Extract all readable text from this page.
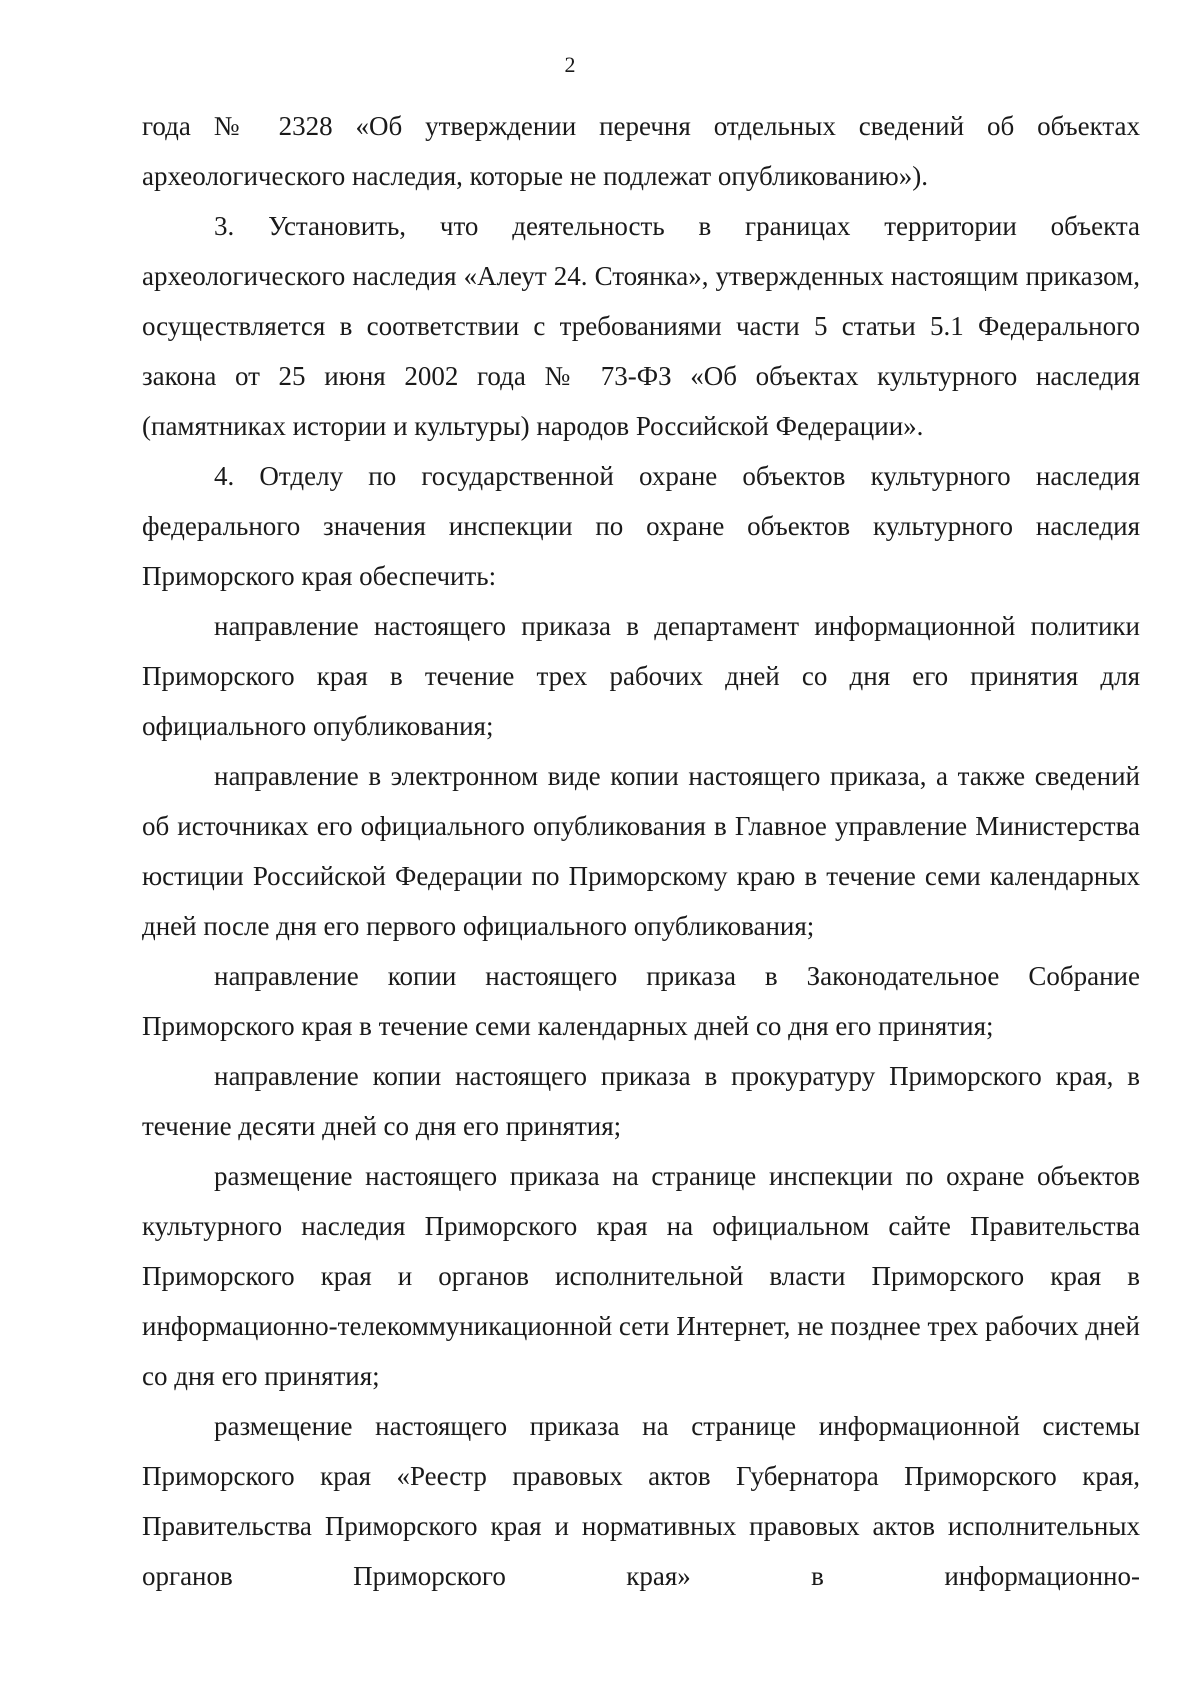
2

года № 2328 «Об утверждении перечня отдельных сведений об объектах археологического наследия, которые не подлежат опубликованию»).

3. Установить, что деятельность в границах территории объекта археологического наследия «Алеут 24. Стоянка», утвержденных настоящим приказом, осуществляется в соответствии с требованиями части 5 статьи 5.1 Федерального закона от 25 июня 2002 года № 73-ФЗ «Об объектах культурного наследия (памятниках истории и культуры) народов Российской Федерации».

4. Отделу по государственной охране объектов культурного наследия федерального значения инспекции по охране объектов культурного наследия Приморского края обеспечить:

направление настоящего приказа в департамент информационной политики Приморского края в течение трех рабочих дней со дня его принятия для официального опубликования;

направление в электронном виде копии настоящего приказа, а также сведений об источниках его официального опубликования в Главное управление Министерства юстиции Российской Федерации по Приморскому краю в течение семи календарных дней после дня его первого официального опубликования;

направление копии настоящего приказа в Законодательное Собрание Приморского края в течение семи календарных дней со дня его принятия;

направление копии настоящего приказа в прокуратуру Приморского края, в течение десяти дней со дня его принятия;

размещение настоящего приказа на странице инспекции по охране объектов культурного наследия Приморского края на официальном сайте Правительства Приморского края и органов исполнительной власти Приморского края в информационно-телекоммуникационной сети Интернет, не позднее трех рабочих дней со дня его принятия;

размещение настоящего приказа на странице информационной системы Приморского края «Реестр правовых актов Губернатора Приморского края, Правительства Приморского края и нормативных правовых актов исполнительных органов Приморского края» в информационно-
